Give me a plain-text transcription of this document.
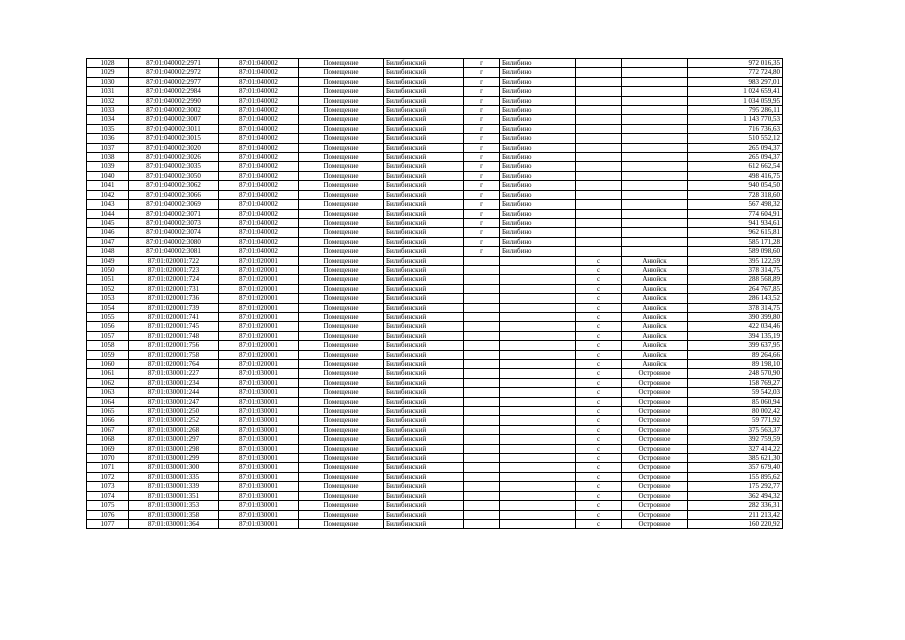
1028	87:01:040002:2971	87:01:040002	Помещение	Билибинский	г	Билибино			972 016,35
1029	87:01:040002:2972	87:01:040002	Помещение	Билибинский	г	Билибино			772 724,80
1030	87:01:040002:2977	87:01:040002	Помещение	Билибинский	г	Билибино			983 297,01
1031	87:01:040002:2984	87:01:040002	Помещение	Билибинский	г	Билибино			1 024 659,41
1032	87:01:040002:2990	87:01:040002	Помещение	Билибинский	г	Билибино			1 034 059,95
1033	87:01:040002:3002	87:01:040002	Помещение	Билибинский	г	Билибино			795 286,11
1034	87:01:040002:3007	87:01:040002	Помещение	Билибинский	г	Билибино			1 143 770,53
1035	87:01:040002:3011	87:01:040002	Помещение	Билибинский	г	Билибино			716 736,63
1036	87:01:040002:3015	87:01:040002	Помещение	Билибинский	г	Билибино			510 552,12
1037	87:01:040002:3020	87:01:040002	Помещение	Билибинский	г	Билибино			265 094,37
1038	87:01:040002:3026	87:01:040002	Помещение	Билибинский	г	Билибино			265 094,37
1039	87:01:040002:3035	87:01:040002	Помещение	Билибинский	г	Билибино			612 662,54
1040	87:01:040002:3050	87:01:040002	Помещение	Билибинский	г	Билибино			498 416,75
1041	87:01:040002:3062	87:01:040002	Помещение	Билибинский	г	Билибино			940 054,50
1042	87:01:040002:3066	87:01:040002	Помещение	Билибинский	г	Билибино			728 318,60
1043	87:01:040002:3069	87:01:040002	Помещение	Билибинский	г	Билибино			567 498,32
1044	87:01:040002:3071	87:01:040002	Помещение	Билибинский	г	Билибино			774 604,91
1045	87:01:040002:3073	87:01:040002	Помещение	Билибинский	г	Билибино			941 934,61
1046	87:01:040002:3074	87:01:040002	Помещение	Билибинский	г	Билибино			962 615,81
1047	87:01:040002:3080	87:01:040002	Помещение	Билибинский	г	Билибино			585 171,28
1048	87:01:040002:3081	87:01:040002	Помещение	Билибинский	г	Билибино			589 098,60
1049	87:01:020001:722	87:01:020001	Помещение	Билибинский			с	Анюйск	395 122,59
1050	87:01:020001:723	87:01:020001	Помещение	Билибинский			с	Анюйск	378 314,75
1051	87:01:020001:724	87:01:020001	Помещение	Билибинский			с	Анюйск	288 568,89
1052	87:01:020001:731	87:01:020001	Помещение	Билибинский			с	Анюйск	264 767,85
1053	87:01:020001:736	87:01:020001	Помещение	Билибинский			с	Анюйск	286 143,52
1054	87:01:020001:739	87:01:020001	Помещение	Билибинский			с	Анюйск	378 314,75
1055	87:01:020001:741	87:01:020001	Помещение	Билибинский			с	Анюйск	390 399,80
1056	87:01:020001:745	87:01:020001	Помещение	Билибинский			с	Анюйск	422 034,46
1057	87:01:020001:748	87:01:020001	Помещение	Билибинский			с	Анюйск	394 135,19
1058	87:01:020001:756	87:01:020001	Помещение	Билибинский			с	Анюйск	399 637,95
1059	87:01:020001:758	87:01:020001	Помещение	Билибинский			с	Анюйск	89 264,66
1060	87:01:020001:764	87:01:020001	Помещение	Билибинский			с	Анюйск	89 198,10
1061	87:01:030001:227	87:01:030001	Помещение	Билибинский			с	Островное	248 570,90
1062	87:01:030001:234	87:01:030001	Помещение	Билибинский			с	Островное	158 769,27
1063	87:01:030001:244	87:01:030001	Помещение	Билибинский			с	Островное	59 542,03
1064	87:01:030001:247	87:01:030001	Помещение	Билибинский			с	Островное	85 060,94
1065	87:01:030001:250	87:01:030001	Помещение	Билибинский			с	Островное	80 002,42
1066	87:01:030001:252	87:01:030001	Помещение	Билибинский			с	Островное	59 771,92
1067	87:01:030001:268	87:01:030001	Помещение	Билибинский			с	Островное	375 563,37
1068	87:01:030001:297	87:01:030001	Помещение	Билибинский			с	Островное	392 759,59
1069	87:01:030001:298	87:01:030001	Помещение	Билибинский			с	Островное	327 414,22
1070	87:01:030001:299	87:01:030001	Помещение	Билибинский			с	Островное	385 621,30
1071	87:01:030001:300	87:01:030001	Помещение	Билибинский			с	Островное	357 679,40
1072	87:01:030001:335	87:01:030001	Помещение	Билибинский			с	Островное	155 895,62
1073	87:01:030001:339	87:01:030001	Помещение	Билибинский			с	Островное	175 292,77
1074	87:01:030001:351	87:01:030001	Помещение	Билибинский			с	Островное	362 494,32
1075	87:01:030001:353	87:01:030001	Помещение	Билибинский			с	Островное	282 336,31
1076	87:01:030001:358	87:01:030001	Помещение	Билибинский			с	Островное	211 213,42
1077	87:01:030001:364	87:01:030001	Помещение	Билибинский			с	Островное	160 220,92
